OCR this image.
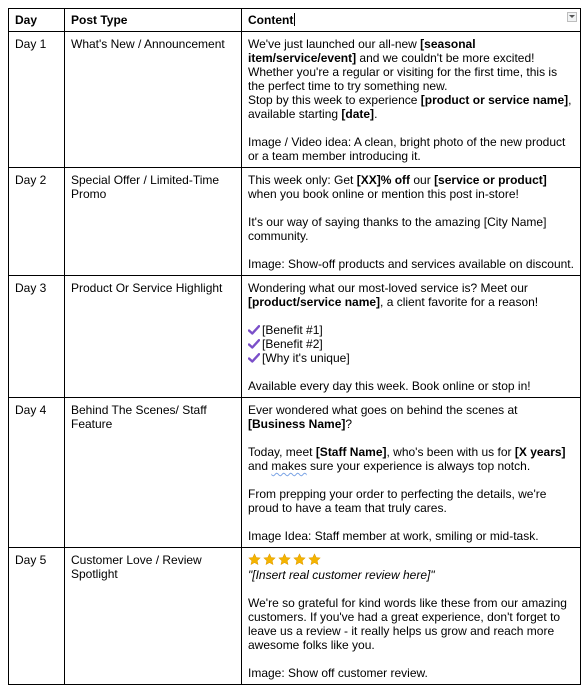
Day	Post Type	Content

Day 1	What's New / Announcement	We've just launched our all-new [seasonal item/service/event] and we couldn't be more excited!

Whether you're a regular or visiting for the first time, this is the perfect time to try something new.

Stop by this week to experience [product or service name], available starting [date].

Image / Video idea: A clean, bright photo of the new product or a team member introducing it.

Day 2	Special Offer / Limited-Time Promo	This week only: Get [XX]% off our [service or product] when you book online or mention this post in-store!

It's our way of saying thanks to the amazing [City Name] community.

Image: Show-off products and services available on discount.

Day 3	Product Or Service Highlight	Wondering what our most-loved service is? Meet our [product/service name], a client favorite for a reason!

[Benefit #1]

[Benefit #2]

[Why it's unique]

Available every day this week. Book online or stop in!

Day 4	Behind The Scenes/ Staff Feature	Ever wondered what goes on behind the scenes at [Business Name]?

Today, meet [Staff Name], who's been with us for [X years] and makes sure your experience is always top notch.

From prepping your order to perfecting the details, we're proud to have a team that truly cares.

Image Idea: Staff member at work, smiling or mid-task.

Day 5	Customer Love / Review Spotlight	"[Insert real customer review here]"

We're so grateful for kind words like these from our amazing customers. If you've had a great experience, don't forget to leave us a review - it really helps us grow and reach more awesome folks like you.

Image: Show off customer review.
